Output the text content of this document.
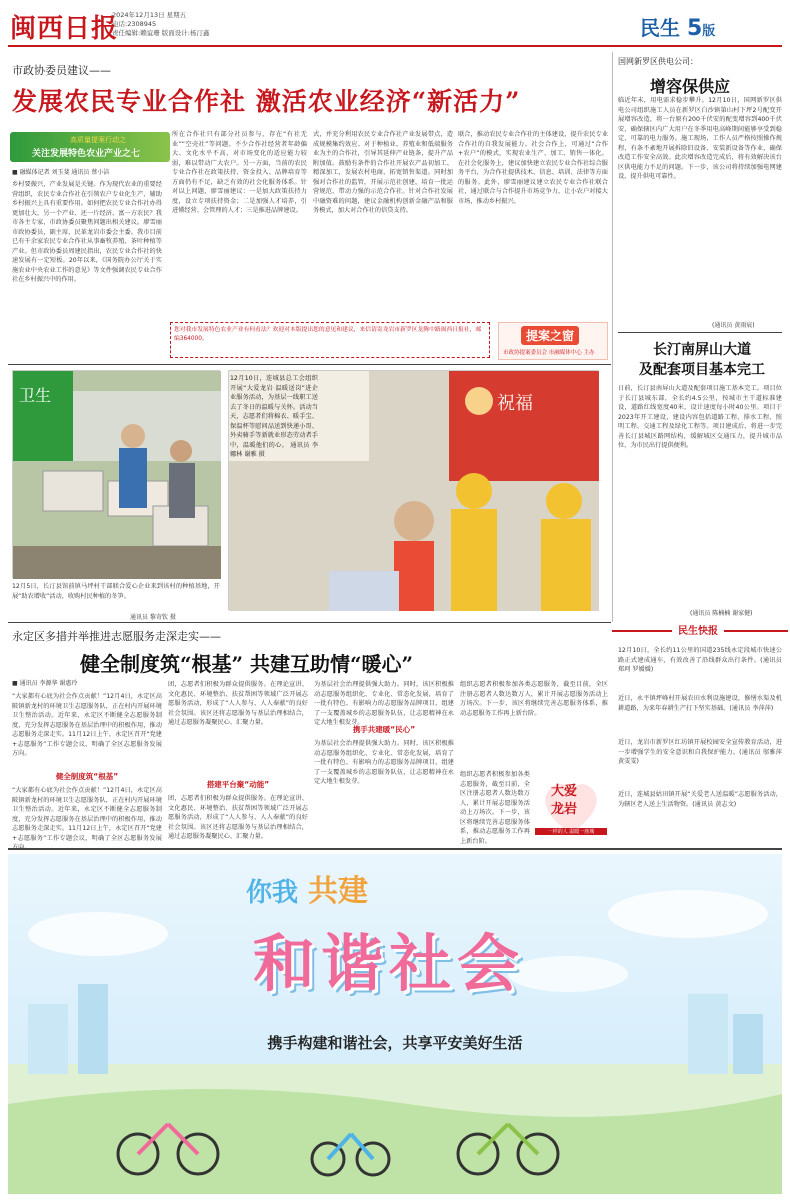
闽西日报
2024年12月13日 星期五
电话:2308945
责任编辑:赖谊珊 版面设计:杨汀鑫	民生 5版
市政协委员建议——
发展农民专业合作社 激活农业经济“新活力”
高质量提案行动之
关注发展特色农业产业之七
■ 融媒体记者 刘玉斐 通讯员 蔡小洁
乡村要振兴，产业发展是关键。作为现代农业的重要经营组织，农民专业合作社在引领农户专业化生产、辅助乡村振兴上具有重要作用。如何把农民专业合作社办得更加壮大，另一个产业、还一片经济、富一方农民？我市各主专家、市政协委员聚焦问题出相关建议。廖雪丽市政协委员，副主席，民革龙岩市委会主委。我市目前已有千余家农民专业合作社从事畜牧养殖、茶叶种植等产业。但市政协委员周建民指出，农民专业合作社的快速发展有一定短板。20年以来，《国务院办公厅关于实施农业中央农业工作的意见》等文件强调农民专业合作社在乡村振兴中的作用。
所在合作社只有部分社员参与，存在“有社无业”“空壳社”等问题。不少合作社经营者年龄偏大、文化水平不高，对市场变化的适应能力较弱，难以带动广大农户。另一方面，当前的农民专业合作社在政策扶持、资金投入、品牌培育等方面仍有不足，缺乏有效的社会化服务体系。针对以上问题，廖雪丽建议：一是加大政策扶持力度，设立专项扶持资金；二是加强人才培养，引进懂经营、会管理的人才；三是推进品牌建设。
式，并充分利用农民专业合作社产业发展带点，造成规模集约效应。对于种植业、养殖业和低端服务业为主的合作社，引导其延伸产业链条，提升产品附加值。鼓励有条件的合作社开展农产品初加工、精深加工，发展农村电商，拓宽销售渠道。同时加强对合作社的监管，开展示范社创建，培育一批运营规范、带动力强的示范合作社。针对合作社发展中融资难的问题，建议金融机构创新金融产品和服务模式，加大对合作社的信贷支持。
联合，推动农民专业合作社的主体建设，提升农民专业合作社的自我发展能力。社会合作上，可通过“合作+农户”的模式，实现农业生产、加工、销售一体化。在社会化服务上，建议加快建立农民专业合作社综合服务平台，为合作社提供技术、信息、培训、法律等方面的服务。此外，廖雪丽建议建立农民专业合作社联合社，通过联合与合作提升市场竞争力，让小农户对接大市场，推动乡村振兴。
您对我市发展特色农业产业有何看法？欢迎对本版提出您的意见和建议，来信请寄龙岩市新罗区龙腾中路闽西日报社，邮编364000。	提案之窗
市政协提案委员会 市融媒体中心 主办
卫生	祝福
12月10日，连城县总工会组织开展“大爱龙岩 温暖送岗”进企业服务活动，为基层一线职工送去了冬日的温暖与关怀。活动当天，志愿者们将棉衣、暖手宝、保温杯等慰问品送到快递小哥、外卖骑手等新就业形态劳动者手中，温暖他们的心。 通讯员 李娜林 谢雅 摄
12月5日，长汀县馆前镇马坪村干部联合爱心企业来到该村的种植基地，开展“助农增收”活动，收购村民种植的冬笋。
通讯员 黎奇钦 摄
永定区多措并举推进志愿服务走深走实——
健全制度筑“根基” 共建互助情“暖心”
■ 通讯员 李源华 谢惠玲
“大家都有心底为社会作点贡献！”12月4日，永定区高陂镇新龙村的环境卫生志愿服务队，正在村内开展环境卫生整治活动。近年来，永定区不断健全志愿服务制度，充分发挥志愿服务在基层治理中的积极作用，推动志愿服务走深走实。11月12日上午，永定区召开“党建+志愿服务”工作专题会议，明确了全区志愿服务发展方向。
健全制度筑“根基”
“大家都有心底为社会作点贡献！”12月4日，永定区高陂镇新龙村的环境卫生志愿服务队，正在村内开展环境卫生整治活动。近年来，永定区不断健全志愿服务制度，充分发挥志愿服务在基层治理中的积极作用，推动志愿服务走深走实。11月12日上午，永定区召开“党建+志愿服务”工作专题会议，明确了全区志愿服务发展
团，志愿者们积极为群众提供服务。在理论宣讲、文化惠民、环境整治、扶贫帮困等领域广泛开展志愿服务活动，形成了“人人参与、人人奉献”的良好社会氛围。该区还将志愿服务与基层治理相结合，通过志愿服务凝聚民心、汇聚力量。
搭建平台聚“动能”
团，志愿者们积极为群众提供服务。在理论宣讲、文化惠民、环境整治、扶贫帮困等领域广泛开展志愿服务活动，形成了“人人参与、人人奉献”的良好社会氛围。该区还将志愿服务与基层治理相结合，通过志愿服务凝聚民心、汇聚力量。
为基层社会治理提供强大助力。同时，该区积极推动志愿服务组织化、专业化、常态化发展，培育了一批有特色、有影响力的志愿服务品牌项目，组建了一支覆盖城乡的志愿服务队伍，让志愿精神在永定大地生根发芽。
携手共建暖“民心”
为基层社会治理提供强大助力。同时，该区积极推动志愿服务组织化、专业化、常态化发展，培育了一批有特色、有影响力的志愿服务品牌项目，组建了一支覆盖城乡的志愿服务队伍，让志愿精神在永定大地生根发芽。
组织志愿者积极参加各类志愿服务，截至目前，全区注册志愿者人数达数万人，累计开展志愿服务活动上万场次。下一步，该区将继续完善志愿服务体系，推动志愿服务工作再上新台阶。
组织志愿者积极参加各类志愿服务，截至目前，全区注册志愿者人数达数万人，累计开展志愿服务活动上万场次。下一步，该区将继续完善志愿服务体系，推动志愿服务工作再上新台阶。
大爱
龙岩
一样的人 温暖一座城
国网新罗区供电公司：
增容保供应
临近年末，用电需求稳步攀升。12月10日，国网新罗区供电公司组织施工人员在新罗区白沙镇第山村下坪2号配变开展增容改造，将一台原有200千伏安的配变增容到400千伏安，确保辖区内广大用户在冬季用电高峰期间能够享受到稳定、可靠的电力服务。施工现场，工作人员严格按照操作规程，有条不紊地开展拆除旧设备、安装新设备等作业，确保改造工作安全高效。此次增容改造完成后，将有效解决该台区供电能力不足的问题。下一步，该公司将持续加强电网建设，提升供电可靠性。
(通讯员 黄雨宸)
长汀南屏山大道
及配套项目基本完工
日前，长汀县南屏山大道及配套项目施工基本完工。项目位于长汀县城东部，全长约4.5公里，按城市主干道标准建设，道路红线宽度40米，设计速度每小时40公里。项目于2023年开工建设，建设内容包括道路工程、排水工程、照明工程、交通工程及绿化工程等。项目建成后，将进一步完善长汀县城区路网结构，缓解城区交通压力，提升城市品位，为市民出行提供便利。
(通讯员 陈楠楠 谢家健)
民生快报
12月10日，全长约11公里的国道235线永定段城市快速公路正式建成通车，有效改善了沿线群众出行条件。(通讯员 郑珂 罗媛媛)
近日，永平镇坪峰村开展农田水利设施建设，修缮水渠及机耕道路，为来年春耕生产打下坚实基础。(通讯员 李萍萍)
近日，龙岩市新罗区红坊镇开展校园安全宣传教育活动，进一步增强学生的安全意识和自我保护能力。(通讯员 邬雅萍 黄雯雯)
近日，连城县姑田镇开展“关爱老人送温暖”志愿服务活动，为辖区老人送上生活物资。(通讯员 黄志文)
你我 共建
和谐社会
携手构建和谐社会，共享平安美好生活
